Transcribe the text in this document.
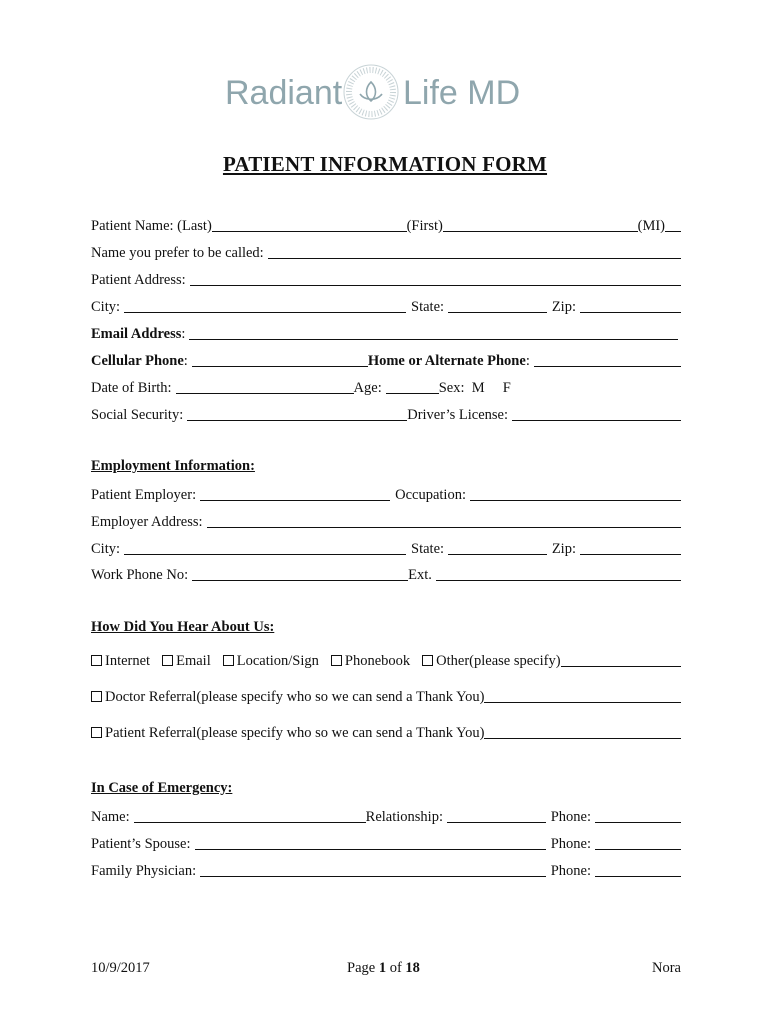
Radiant Life MD
PATIENT INFORMATION FORM
Patient Name: (Last)	(First)	(MI)
Name you prefer to be called:
Patient Address:
City:	State:	Zip:
Email Address :
Cellular Phone :	Home or Alternate Phone :
Date of Birth:	Age:	Sex:  M     F
Social Security:	Driver’s License:
Employment Information:
Patient Employer:	Occupation:
Employer Address:
City:	State:	Zip:
Work Phone No:	Ext.
How Did You Hear About Us:
Internet Email Location/Sign Phonebook Other (please specify)
Doctor Referral (please specify who so we can send a Thank You)
Patient Referral (please specify who so we can send a Thank You)
In Case of Emergency:
Name:	Relationship:	Phone:
Patient’s Spouse:	Phone:
Family Physician:	Phone:
10/9/2017	Page 1 of 18	Nora
